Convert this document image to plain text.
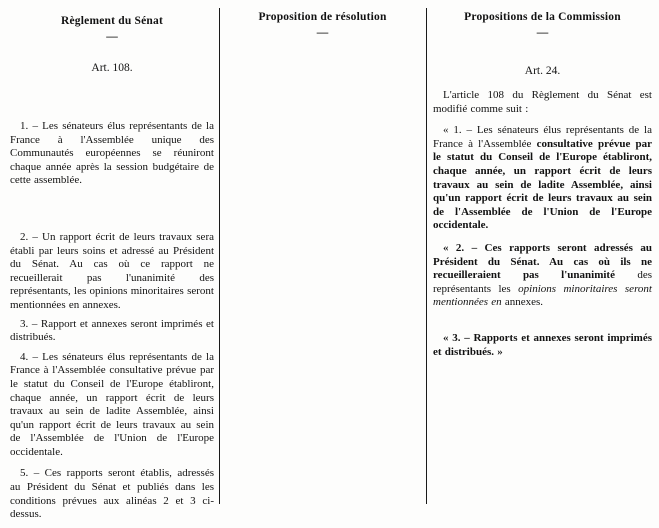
Règlement du Sénat
—
Art. 108.

1. – Les sénateurs élus représentants de la France à l'Assemblée unique des Communautés européennes se réuniront chaque année après la session budgétaire de cette assemblée.

2. – Un rapport écrit de leurs travaux sera établi par leurs soins et adressé au Président du Sénat. Au cas où ce rapport ne recueillerait pas l'unanimité des représentants, les opinions minoritaires seront mentionnées en annexes.

3. – Rapport et annexes seront imprimés et distribués.

4. – Les sénateurs élus représentants de la France à l'Assemblée consultative prévue par le statut du Conseil de l'Europe établiront, chaque année, un rapport écrit de leurs travaux au sein de ladite Assemblée, ainsi qu'un rapport écrit de leurs travaux au sein de l'Assemblée de l'Union de l'Europe occidentale.

5. – Ces rapports seront établis, adressés au Président du Sénat et publiés dans les conditions prévues aux alinéas 2 et 3 ci-dessus.

Proposition de résolution
—
Propositions de la Commission
—
Art. 24.

L'article 108 du Règlement du Sénat est modifié comme suit :

« 1. – Les sénateurs élus représentants de la France à l'Assemblée consultative prévue par le statut du Conseil de l'Europe établiront, chaque année, un rapport écrit de leurs travaux au sein de ladite Assemblée, ainsi qu'un rapport écrit de leurs travaux au sein de l'Assemblée de l'Union de l'Europe occidentale.

« 2. – Ces rapports seront adressés au Président du Sénat. Au cas où ils ne recueilleraient pas l'unanimité des représentants les opinions minoritaires seront mentionnées en annexes.

« 3. – Rapports et annexes seront imprimés et distribués. »
